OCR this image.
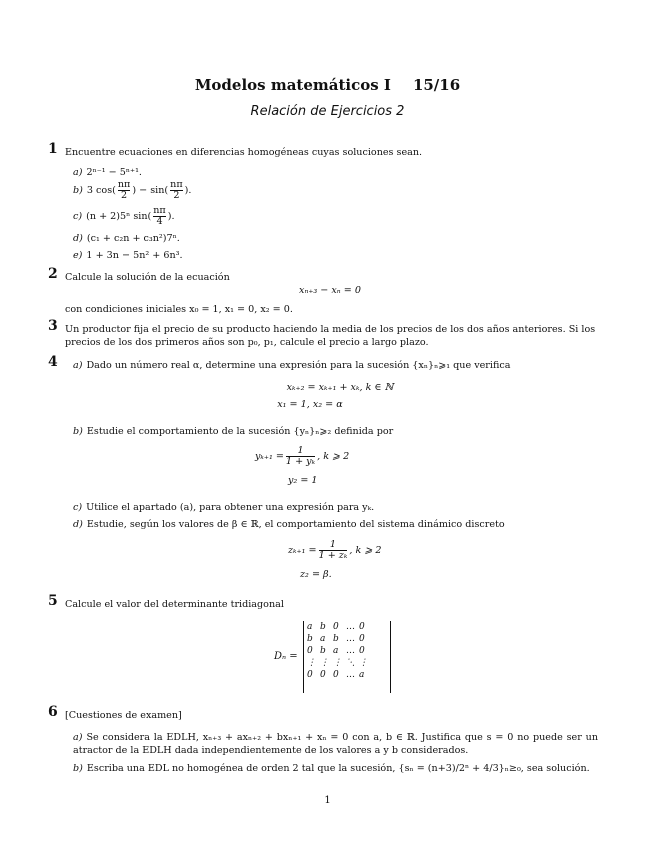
Modelos matemáticos I 15/16
Relación de Ejercicios 2
1 Encuentre ecuaciones en diferencias homogéneas cuyas soluciones sean.
a) 2ⁿ⁻¹ − 5ⁿ⁺¹.
b) 3 $\cos( \frac{n\pi}{2}$ ) − $\sin( \frac{n\pi}{2}$ ).
c) (n + 2)5ⁿ $\sin( \frac{n\pi}{4}$ ).
d) (c₁ + c₂n + c₃n²)7ⁿ.
e) 1 + 3n − 5n² + 6n³.
2 Calcule la solución de la ecuación
xₙ₊₃ − xₙ = 0
con condiciones iniciales x₀ = 1, x₁ = 0, x₂ = 0.
3 Un productor fija el precio de su producto haciendo la media de los precios de los dos años anteriores. Si los precios de los dos primeros años son p₀, p₁, calcule el precio a largo plazo.
4 a) Dado un número real α, determine una expresión para la sucesión {xₙ}ₙ⩾₁ que verifica
xₖ₊₂ = xₖ₊₁ + xₖ, k ∈ ℕ
x₁ = 1, x₂ = α
b) Estudie el comportamiento de la sucesión {yₙ}ₙ⩾₂ definida por
$y_{k+1} = \frac{1}{\text{1 + yₖ}}$ , k ⩾ 2
y₂ = 1
c) Utilice el apartado (a), para obtener una expresión para yₖ.
d) Estudie, según los valores de β ∈ ℝ, el comportamiento del sistema dinámico discreto
$z_{k+1} = \frac{1}{\text{1 + zₖ}}$ , k ⩾ 2
z₂ = β.
5 Calcule el valor del determinante tridiagonal
Dₙ =
a	b	0	…	0
b	a	b	…	0
0	b	a	…	0
⋮	⋮	⋮	⋱	⋮
0	0	0	…	a
6 [Cuestiones de examen]
a) Se considera la EDLH, xₙ₊₃ + axₙ₊₂ + bxₙ₊₁ + xₙ = 0 con a, b ∈ ℝ. Justifica que s = 0 no puede ser un atractor de la EDLH dada independientemente de los valores a y b considerados.
b) Escriba una EDL no homogénea de orden 2 tal que la sucesión, {sₙ = (n+3)/2ⁿ + 4/3}ₙ≥₀, sea solución.
1
